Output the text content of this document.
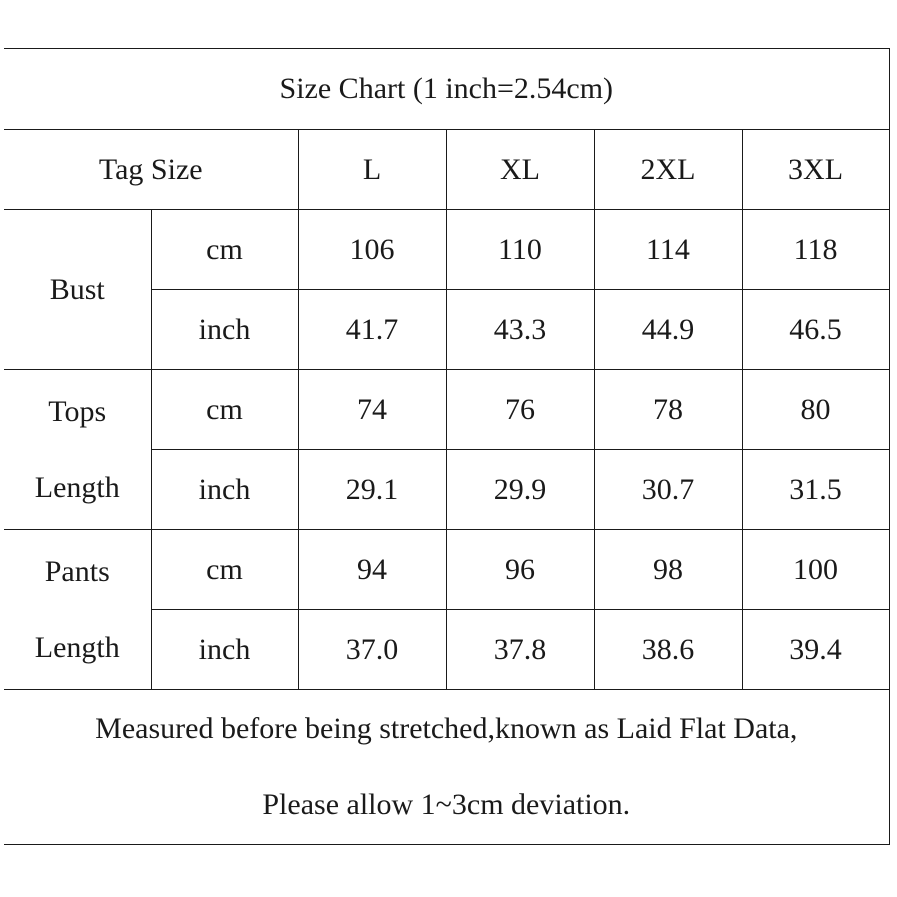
Size Chart (1 inch=2.54cm)					
Tag Size		L	XL	2XL	3XL
Bust	cm	106	110	114	118
	inch	41.7	43.3	44.9	46.5

Tops
Length	cm	74	76	78	80
	inch	29.1	29.9	30.7	31.5

Pants
Length	cm	94	96	98	100
	inch	37.0	37.8	38.6	39.4

Measured before being stretched,known as Laid Flat Data,
Please allow 1~3cm deviation.					
